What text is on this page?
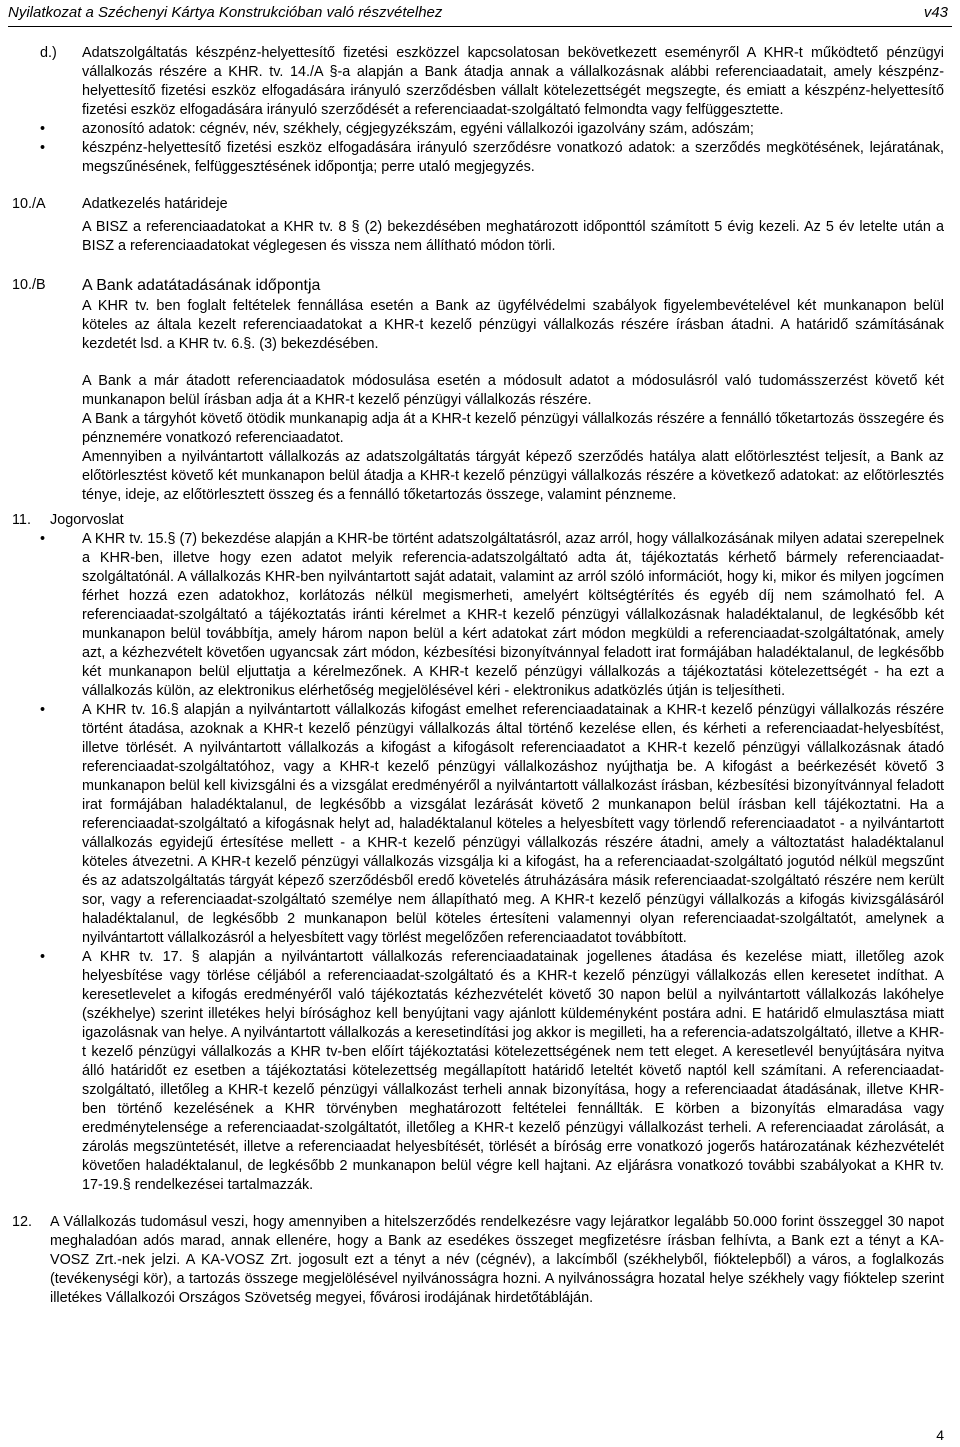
Nyilatkozat a Széchenyi Kártya Konstrukcióban való részvételhez	v43
d.) Adatszolgáltatás készpénz-helyettesítő fizetési eszközzel kapcsolatosan bekövetkezett eseményről A KHR-t működtető pénzügyi vállalkozás részére a KHR. tv. 14./A §-a alapján a Bank átadja annak a vállalkozásnak alábbi referenciaadatait, amely készpénz-helyettesítő fizetési eszköz elfogadására irányuló szerződésben vállalt kötelezettségét megszegte, és emiatt a készpénz-helyettesítő fizetési eszköz elfogadására irányuló szerződését a referenciaadat-szolgáltató felmondta vagy felfüggesztette.

• azonosító adatok: cégnév, név, székhely, cégjegyzékszám, egyéni vállalkozói igazolvány szám, adószám;
• készpénz-helyettesítő fizetési eszköz elfogadására irányuló szerződésre vonatkozó adatok: a szerződés megkötésének, lejáratának, megszűnésének, felfüggesztésének időpontja; perre utaló megjegyzés.
10./A	Adatkezelés határideje

A BISZ a referenciaadatokat a KHR tv. 8 § (2) bekezdésében meghatározott időponttól számított 5 évig kezeli. Az 5 év letelte után a BISZ a referenciaadatokat véglegesen és vissza nem állítható módon törli.

10./B A Bank adatátadásának időpontja

A KHR tv. ben foglalt feltételek fennállása esetén a Bank az ügyfélvédelmi szabályok figyelembevételével két munkanapon belül köteles az általa kezelt referenciaadatokat a KHR-t kezelő pénzügyi vállalkozás részére írásban átadni. A határidő számításának kezdetét lsd. a KHR tv. 6.§. (3) bekezdésében.

A Bank a már átadott referenciaadatok módosulása esetén a módosult adatot a módosulásról való tudomásszerzést követő két munkanapon belül írásban adja át a KHR-t kezelő pénzügyi vállalkozás részére.

A Bank a tárgyhót követő ötödik munkanapig adja át a KHR-t kezelő pénzügyi vállalkozás részére a fennálló tőketartozás összegére és pénznemére vonatkozó referenciaadatot.

Amennyiben a nyilvántartott vállalkozás az adatszolgáltatás tárgyát képező szerződés hatálya alatt előtörlesztést teljesít, a Bank az előtörlesztést követő két munkanapon belül átadja a KHR-t kezelő pénzügyi vállalkozás részére a következő adatokat: az előtörlesztés ténye, ideje, az előtörlesztett összeg és a fennálló tőketartozás összege, valamint pénzneme.

11. Jogorvoslat

• A KHR tv. 15.§ (7) bekezdése alapján a KHR-be történt adatszolgáltatásról, azaz arról, hogy vállalkozásának milyen adatai szerepelnek a KHR-ben, illetve hogy ezen adatot melyik referencia-adatszolgáltató adta át, tájékoztatás kérhető bármely referenciaadat-szolgáltatónál. A vállalkozás KHR-ben nyilvántartott saját adatait, valamint az arról szóló információt, hogy ki, mikor és milyen jogcímen férhet hozzá ezen adatokhoz, korlátozás nélkül megismerheti, amelyért költségtérítés és egyéb díj nem számolható fel. A referenciaadat-szolgáltató a tájékoztatás iránti kérelmet a KHR-t kezelő pénzügyi vállalkozásnak haladéktalanul, de legkésőbb két munkanapon belül továbbítja, amely három napon belül a kért adatokat zárt módon megküldi a referenciaadat-szolgáltatónak, amely azt, a kézhezvételt követően ugyancsak zárt módon, kézbesítési bizonyítvánnyal feladott irat formájában haladéktalanul, de legkésőbb két munkanapon belül eljuttatja a kérelmezőnek. A KHR-t kezelő pénzügyi vállalkozás a tájékoztatási kötelezettségét - ha ezt a vállalkozás külön, az elektronikus elérhetőség megjelölésével kéri - elektronikus adatközlés útján is teljesítheti.
• A KHR tv. 16.§ alapján a nyilvántartott vállalkozás kifogást emelhet referenciaadatainak a KHR-t kezelő pénzügyi vállalkozás részére történt átadása, azoknak a KHR-t kezelő pénzügyi vállalkozás által történő kezelése ellen, és kérheti a referenciaadat-helyesbítést, illetve törlését. A nyilvántartott vállalkozás a kifogást a kifogásolt referenciaadatot a KHR-t kezelő pénzügyi vállalkozásnak átadó referenciaadat-szolgáltatóhoz, vagy a KHR-t kezelő pénzügyi vállalkozáshoz nyújthatja be. A kifogást a beérkezését követő 3 munkanapon belül kell kivizsgálni és a vizsgálat eredményéről a nyilvántartott vállalkozást írásban, kézbesítési bizonyítvánnyal feladott irat formájában haladéktalanul, de legkésőbb a vizsgálat lezárását követő 2 munkanapon belül írásban kell tájékoztatni. Ha a referenciaadat-szolgáltató a kifogásnak helyt ad, haladéktalanul köteles a helyesbített vagy törlendő referenciaadatot - a nyilvántartott vállalkozás egyidejű értesítése mellett - a KHR-t kezelő pénzügyi vállalkozás részére átadni, amely a változtatást haladéktalanul köteles átvezetni. A KHR-t kezelő pénzügyi vállalkozás vizsgálja ki a kifogást, ha a referenciaadat-szolgáltató jogutód nélkül megszűnt és az adatszolgáltatás tárgyát képező szerződésből eredő követelés átruházására másik referenciaadat-szolgáltató részére nem került sor, vagy a referenciaadat-szolgáltató személye nem állapítható meg. A KHR-t kezelő pénzügyi vállalkozás a kifogás kivizsgálásáról haladéktalanul, de legkésőbb 2 munkanapon belül köteles értesíteni valamennyi olyan referenciaadat-szolgáltatót, amelynek a nyilvántartott vállalkozásról a helyesbített vagy törlést megelőzően referenciaadatot továbbított.
• A KHR tv. 17. § alapján a nyilvántartott vállalkozás referenciaadatainak jogellenes átadása és kezelése miatt, illetőleg azok helyesbítése vagy törlése céljából a referenciaadat-szolgáltató és a KHR-t kezelő pénzügyi vállalkozás ellen keresetet indíthat. A keresetlevelet a kifogás eredményéről való tájékoztatás kézhezvételét követő 30 napon belül a nyilvántartott vállalkozás lakóhelye (székhelye) szerint illetékes helyi bírósághoz kell benyújtani vagy ajánlott küldeményként postára adni. E határidő elmulasztása miatt igazolásnak van helye. A nyilvántartott vállalkozás a keresetindítási jog akkor is megilleti, ha a referencia-adatszolgáltató, illetve a KHR-t kezelő pénzügyi vállalkozás a KHR tv-ben előírt tájékoztatási kötelezettségének nem tett eleget. A keresetlevél benyújtására nyitva álló határidőt ez esetben a tájékoztatási kötelezettség megállapított határidő leteltét követő naptól kell számítani. A referenciaadat-szolgáltató, illetőleg a KHR-t kezelő pénzügyi vállalkozást terheli annak bizonyítása, hogy a referenciaadat átadásának, illetve KHR-ben történő kezelésének a KHR törvényben meghatározott feltételei fennállták. E körben a bizonyítás elmaradása vagy eredménytelensége a referenciaadat-szolgáltatót, illetőleg a KHR-t kezelő pénzügyi vállalkozást terheli. A referenciaadat zárolását, a zárolás megszüntetését, illetve a referenciaadat helyesbítését, törlését a bíróság erre vonatkozó jogerős határozatának kézhezvételét követően haladéktalanul, de legkésőbb 2 munkanapon belül végre kell hajtani. Az eljárásra vonatkozó további szabályokat a KHR tv. 17-19.§ rendelkezései tartalmazzák.
12. A Vállalkozás tudomásul veszi, hogy amennyiben a hitelszerződés rendelkezésre vagy lejáratkor legalább 50.000 forint összeggel 30 napot meghaladóan adós marad, annak ellenére, hogy a Bank az esedékes összeget megfizetésre írásban felhívta, a Bank ezt a tényt a KA-VOSZ Zrt.-nek jelzi. A KA-VOSZ Zrt. jogosult ezt a tényt a név (cégnév), a lakcímből (székhelyből, fióktelepből) a város, a foglalkozás (tevékenységi kör), a tartozás összege megjelölésével nyilvánosságra hozni. A nyilvánosságra hozatal helye székhely vagy fióktelep szerint illetékes Vállalkozói Országos Szövetség megyei, fővárosi irodájának hirdetőtábláján.

4
